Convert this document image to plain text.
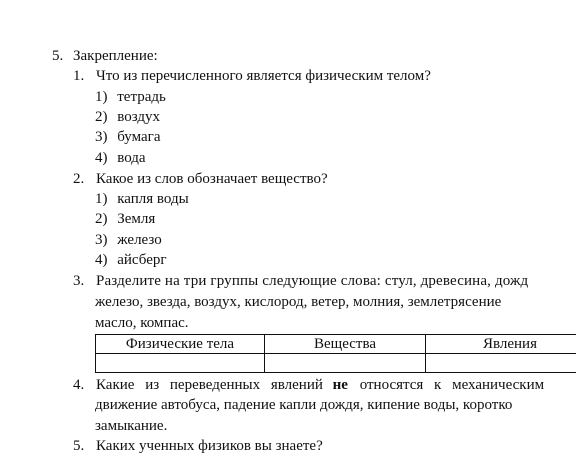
5. Закрепление:
1. Что из перечисленного является физическим телом?
1) тетрадь
2) воздух
3) бумага
4) вода
2. Какое из слов обозначает вещество?
1) капля воды
2) Земля
3) железо
4) айсберг
3. Разделите на три группы следующие слова: стул, древесина, дожд
железо, звезда, воздух, кислород, ветер, молния, землетрясение
масло, компас.
Физические тела	Вещества	Явления

4. Какие из переведенных явлений не относятся к механическим
движение автобуса, падение капли дождя, кипение воды, коротко
замыкание.
5. Каких ученных физиков вы знаете?
